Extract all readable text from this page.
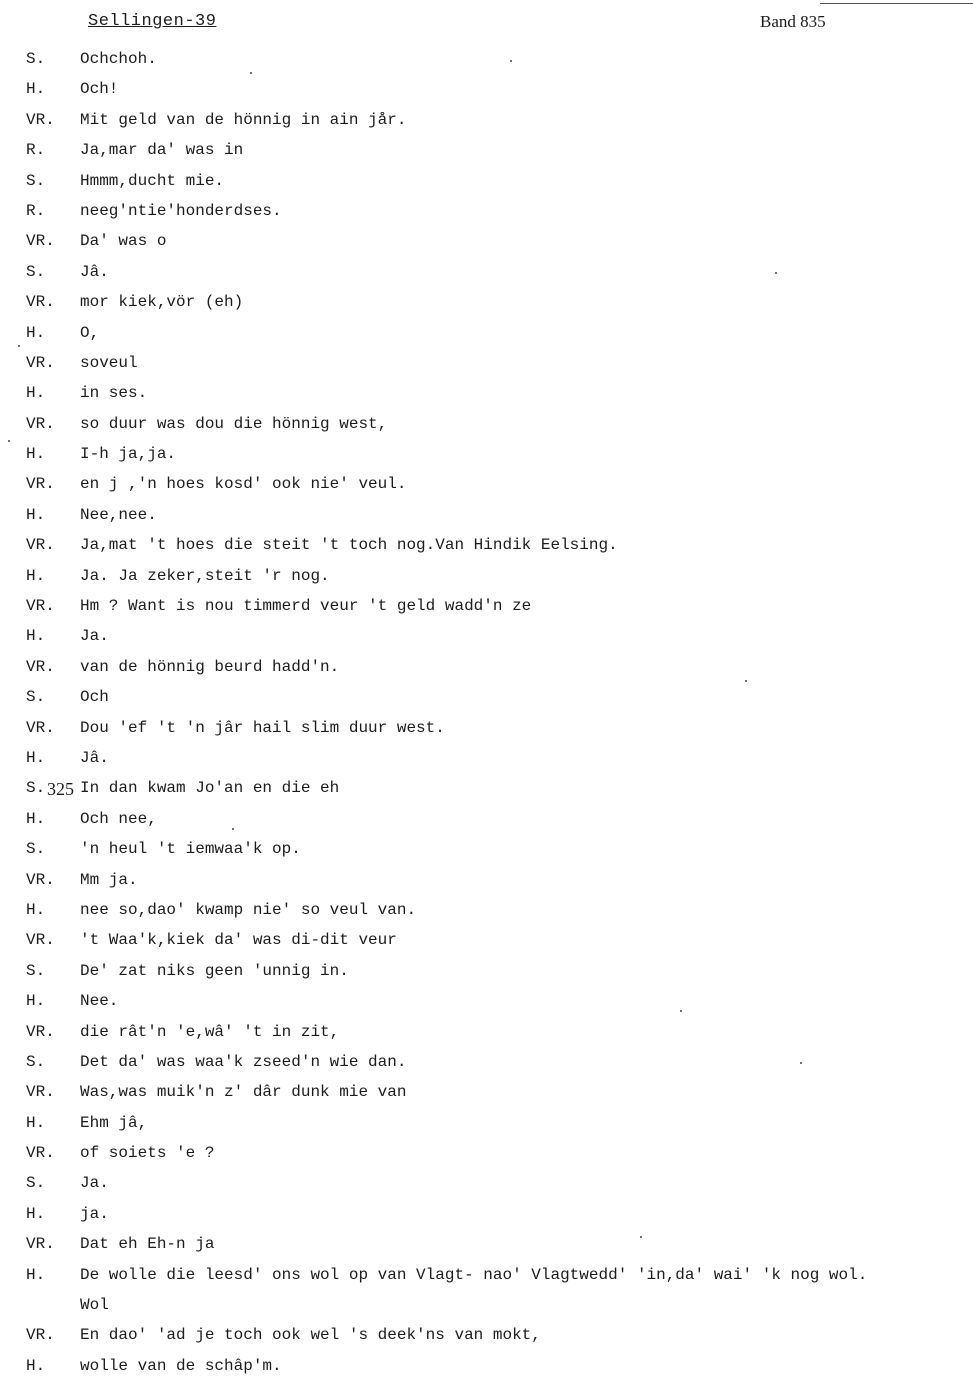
Sellingen-39	Band 835
S. Ochchoh.
H. Och!
VR. Mit geld van de hönnig in ain jår.
R. Ja,mar da' was in
S. Hmmm,ducht mie.
R. neeg'ntie'honderdses.
VR. Da' was o
S. Jâ.
VR. mor kiek,vör (eh)
H. O,
VR. soveul
H. in ses.
VR. so duur was dou die hönnig west,
H. I-h ja,ja.
VR. en j ,'n hoes kosd' ook nie' veul.
H. Nee,nee.
VR. Ja,mat 't hoes die steit 't toch nog.Van Hindik Eelsing.
H. Ja. Ja zeker,steit 'r nog.
VR. Hm ? Want is nou timmerd veur 't geld wadd'n ze
H. Ja.
VR. van de hönnig beurd hadd'n.
S. Och
VR. Dou 'ef 't 'n jâr hail slim duur west.
H. Jâ.
S. In dan kwam Jo'an en die eh
H. Och nee,
S. 'n heul 't iemwaa'k op.
VR. Mm ja.
H. nee so,dao' kwamp nie' so veul van.
VR. 't Waa'k,kiek da' was di-dit veur
S. De' zat niks geen 'unnig in.
H. Nee.
VR. die rât'n 'e,wâ' 't in zit,
S. Det da' was waa'k zseed'n wie dan.
VR. Was,was muik'n z' dâr dunk mie van
H. Ehm jâ,
VR. of soiets 'e ?
S. Ja.
H. ja.
VR. Dat eh Eh-n ja
H. De wolle die leesd' ons wol op van Vlagt- nao' Vlagtwedd' 'in,da' wai' 'k nog wol.
Wol
VR. En dao' 'ad je toch ook wel 's deek'ns van mokt,
H. wolle van de schâp'm.
325
